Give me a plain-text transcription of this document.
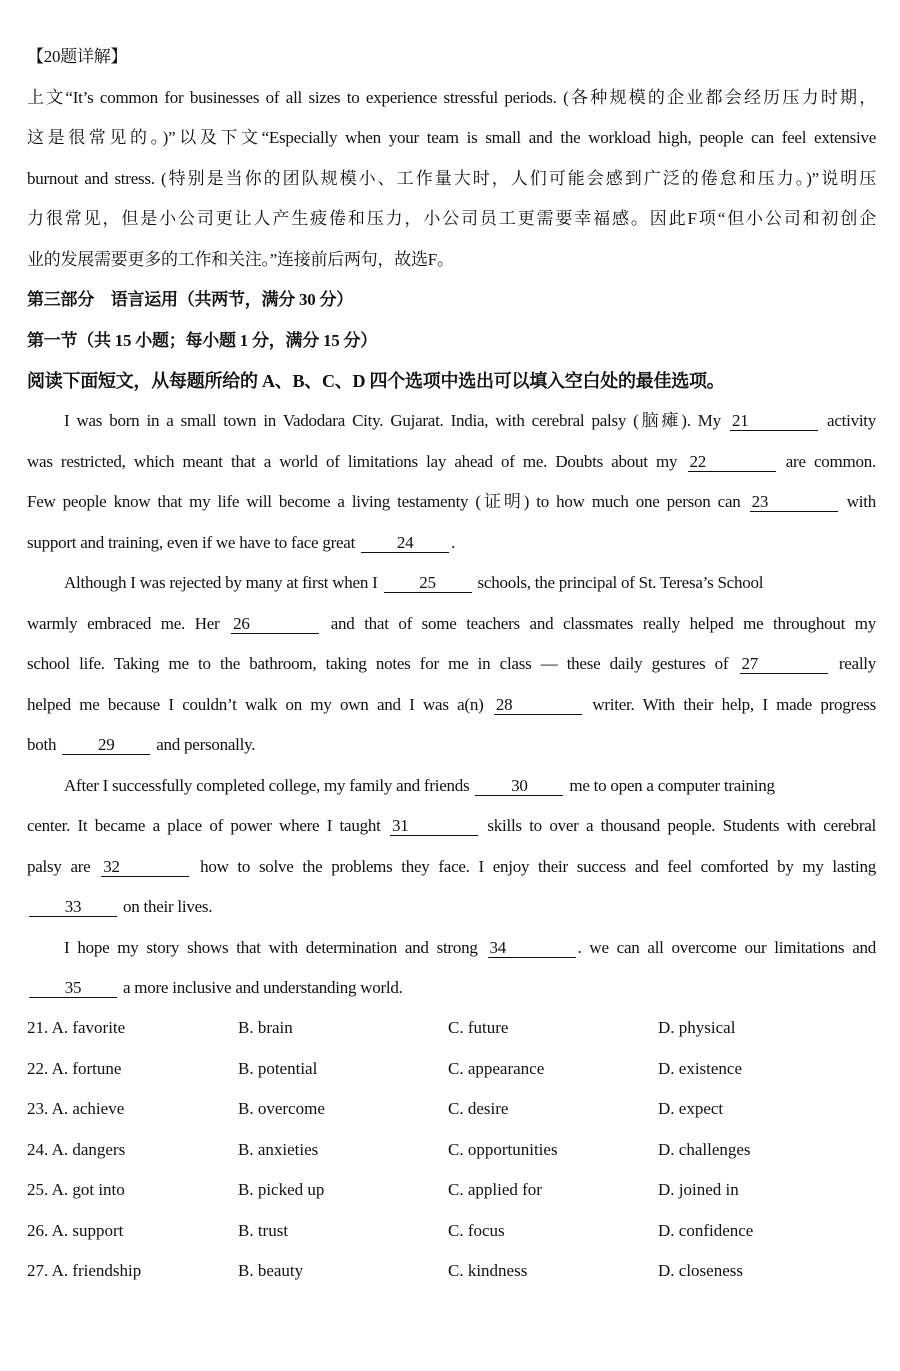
【20题详解】
上文“It’s common for businesses of all sizes to experience stressful periods. (各种规模的企业都会经历压力时期，
这是很常见的。)”以及下文“Especially when your team is small and the workload high, people can feel extensive
burnout and stress. (特别是当你的团队规模小、工作量大时，人们可能会感到广泛的倦怠和压力。)”说明压
力很常见，但是小公司更让人产生疲倦和压力，小公司员工更需要幸福感。因此F项“但小公司和初创企
业的发展需要更多的工作和关注。”连接前后两句，故选F。
第三部分　语言运用（共两节，满分 30 分）
第一节（共 15 小题；每小题 1 分，满分 15 分）
阅读下面短文，从每题所给的 A、B、C、D 四个选项中选出可以填入空白处的最佳选项。
I was born in a small town in Vadodara City. Gujarat. India, with cerebral palsy (脑瘫). My 21	activity
was restricted, which meant that a world of limitations lay ahead of me. Doubts about my 22	are common.
Few people know that my life will become a living testamenty (证明) to how much one person can 23	with
support and training, even if we have to face great 24 .
Although I was rejected by many at first when I 25 schools, the principal of St. Teresa’s School
warmly embraced me. Her 26	and that of some teachers and classmates really helped me throughout my
school life. Taking me to the bathroom, taking notes for me in class — these daily gestures of 27	really
helped me because I couldn’t walk on my own and I was a(n) 28	writer. With their help, I made progress
both 29 and personally.
After I successfully completed college, my family and friends 30 me to open a computer training
center. It became a place of power where I taught 31	skills to over a thousand people. Students with cerebral
palsy are 32	how to solve the problems they face. I enjoy their success and feel comforted by my lasting
33 on their lives.
I hope my story shows that with determination and strong 34	. we can all overcome our limitations and
35 a more inclusive and understanding world.
21. A. favorite	B. brain	C. future	D. physical
22. A. fortune	B. potential	C. appearance	D. existence
23. A. achieve	B. overcome	C. desire	D. expect
24. A. dangers	B. anxieties	C. opportunities	D. challenges
25. A. got into	B. picked up	C. applied for	D. joined in
26. A. support	B. trust	C. focus	D. confidence
27. A. friendship	B. beauty	C. kindness	D. closeness
